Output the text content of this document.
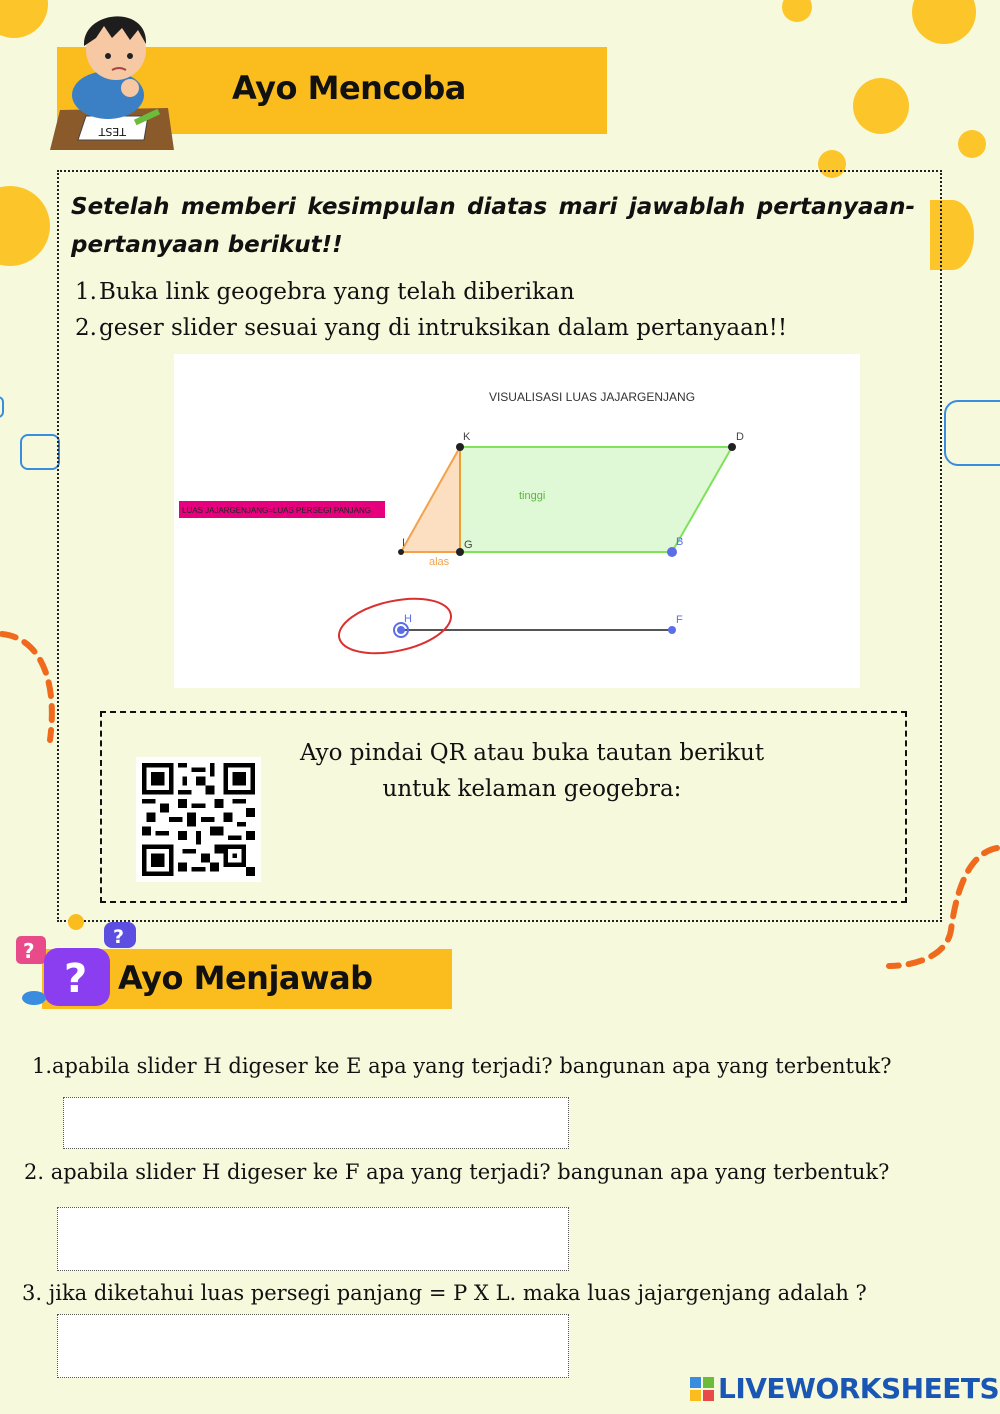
Ayo Mencoba
TEST
Setelah memberi kesimpulan diatas mari jawablah pertanyaan-pertanyaan berikut!!
1. Buka link geogebra yang telah diberikan
2. geser slider sesuai yang di intruksikan dalam pertanyaan!!
VISUALISASI LUAS JAJARGENJANG
LUAS JAJARGENJANG=LUAS PERSEGI PANJANG
tinggi
alas
K	D
I	G	B
H	F
Ayo pindai QR atau buka tautan berikut
untuk kelaman geogebra:
Ayo Menjawab
?
?
?
1.apabila slider H digeser ke E apa yang terjadi? bangunan apa yang terbentuk?
2. apabila slider H digeser ke F apa yang terjadi? bangunan apa yang terbentuk?
3. jika diketahui luas persegi panjang = P X L. maka luas jajargenjang adalah ?
LIVEWORKSHEETS
